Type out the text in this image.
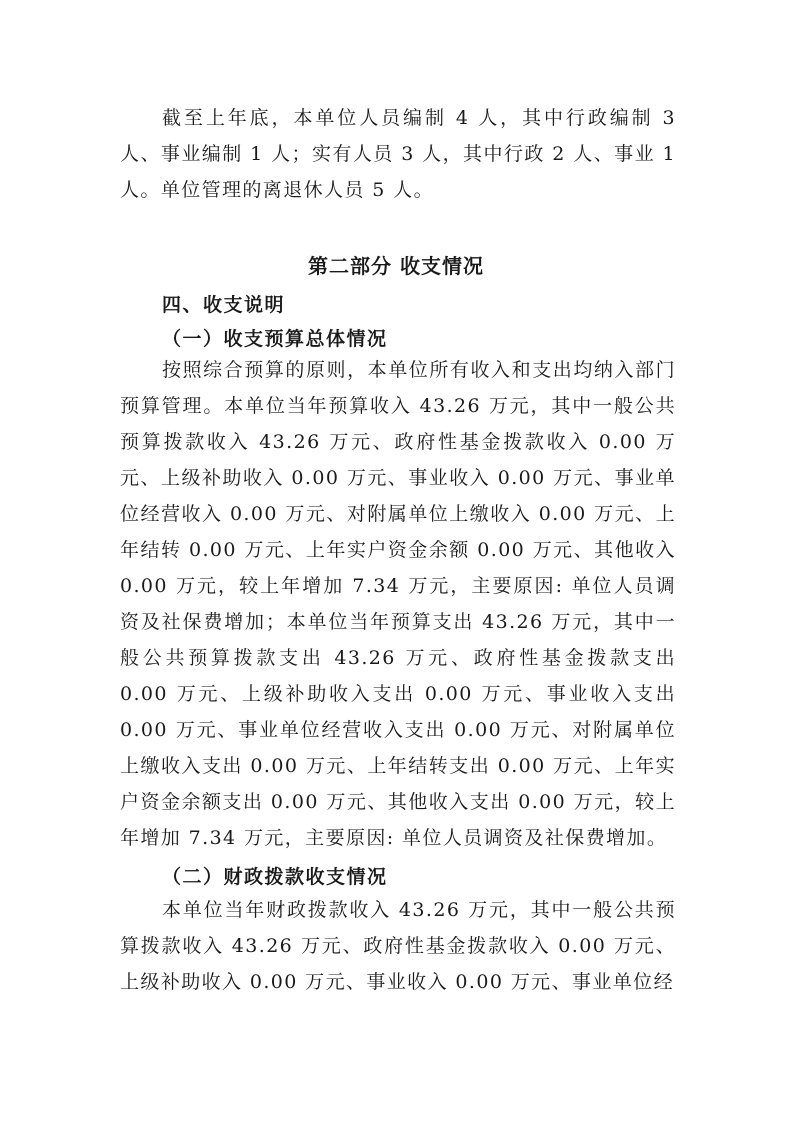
截至上年底，本单位人员编制 4 人，其中行政编制 3 人、事业编制 1 人；实有人员 3 人，其中行政 2 人、事业 1 人。单位管理的离退休人员 5 人。

第二部分 收支情况
四、收支说明
（一）收支预算总体情况

按照综合预算的原则，本单位所有收入和支出均纳入部门预算管理。本单位当年预算收入 43.26 万元，其中一般公共预算拨款收入 43.26 万元、政府性基金拨款收入 0.00 万元、上级补助收入 0.00 万元、事业收入 0.00 万元、事业单位经营收入 0.00 万元、对附属单位上缴收入 0.00 万元、上年结转 0.00 万元、上年实户资金余额 0.00 万元、其他收入 0.00 万元，较上年增加 7.34 万元，主要原因: 单位人员调资及社保费增加；本单位当年预算支出 43.26 万元，其中一般公共预算拨款支出 43.26 万元、政府性基金拨款支出 0.00 万元、上级补助收入支出 0.00 万元、事业收入支出 0.00 万元、事业单位经营收入支出 0.00 万元、对附属单位上缴收入支出 0.00 万元、上年结转支出 0.00 万元、上年实户资金余额支出 0.00 万元、其他收入支出 0.00 万元，较上年增加 7.34 万元，主要原因: 单位人员调资及社保费增加。

（二）财政拨款收支情况

本单位当年财政拨款收入 43.26 万元，其中一般公共预算拨款收入 43.26 万元、政府性基金拨款收入 0.00 万元、上级补助收入 0.00 万元、事业收入 0.00 万元、事业单位经
